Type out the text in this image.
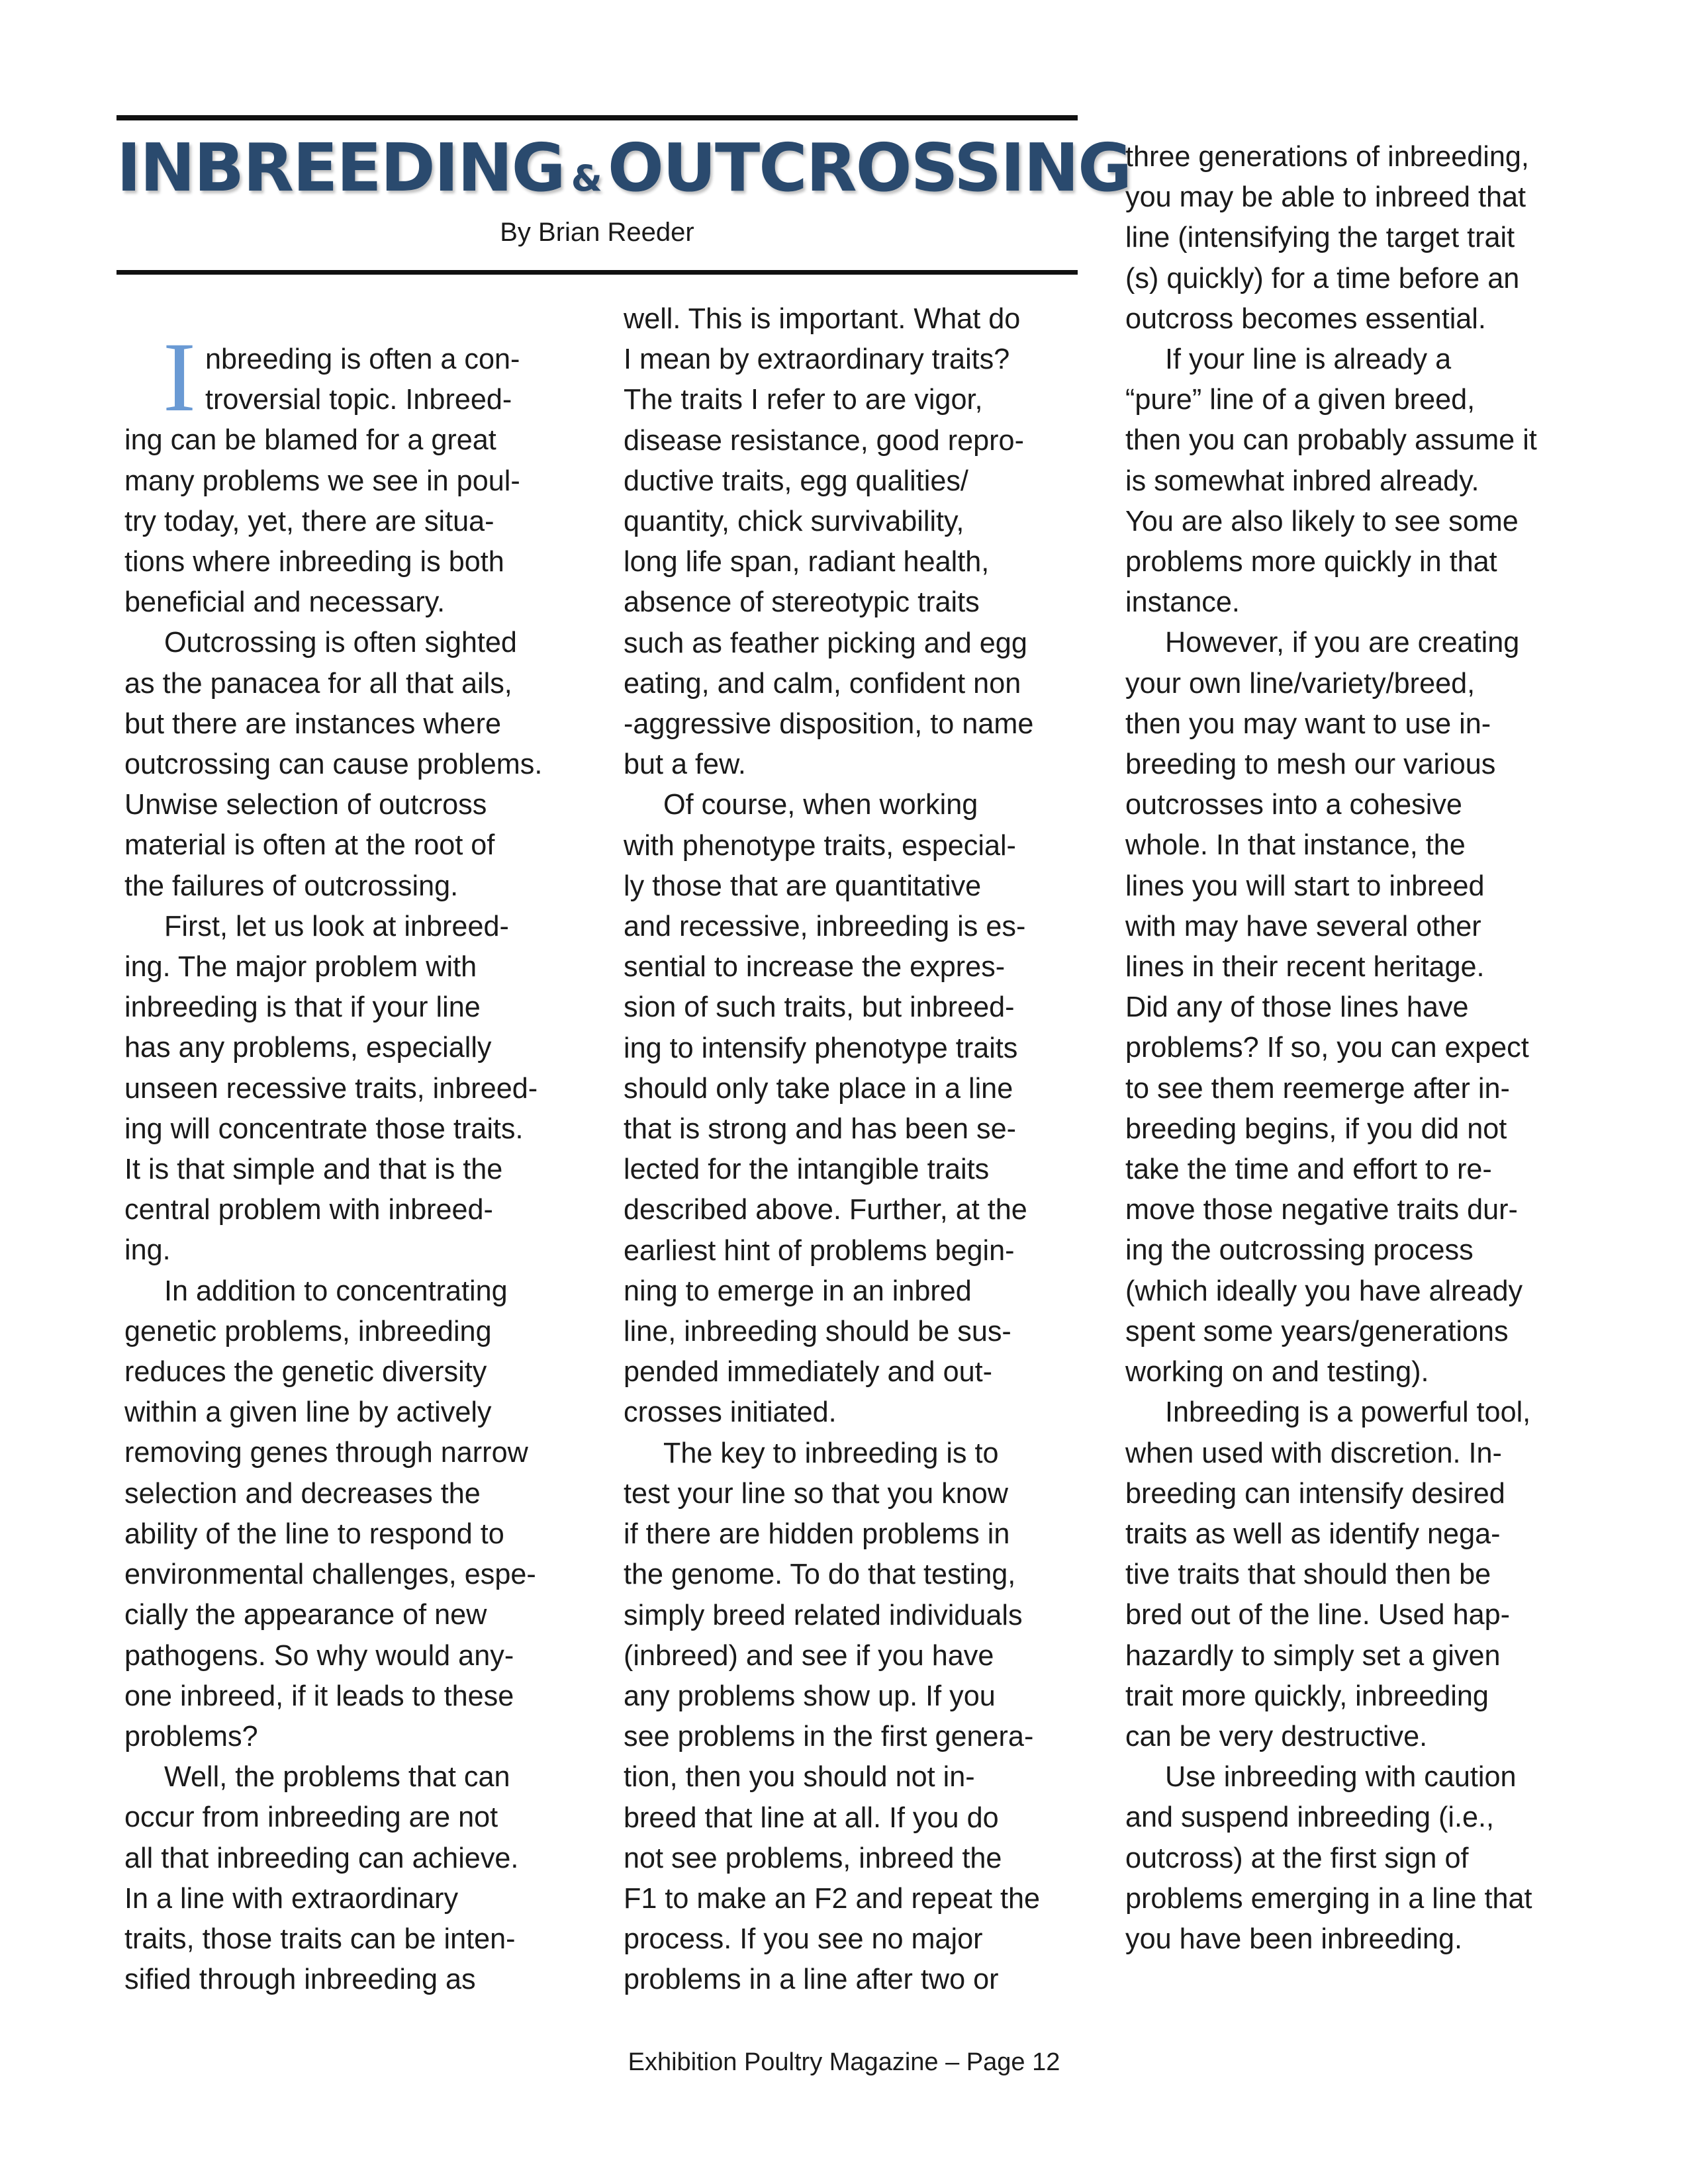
INBREEDING & OUTCROSSING
By Brian Reeder
I nbreeding is often a con-

troversial topic. Inbreed-

ing can be blamed for a great

many problems we see in poul-

try today, yet, there are situa-

tions where inbreeding is both

beneficial and necessary.

Outcrossing is often sighted

as the panacea for all that ails,

but there are instances where

outcrossing can cause problems.

Unwise selection of outcross

material is often at the root of

the failures of outcrossing.

First, let us look at inbreed-

ing. The major problem with

inbreeding is that if your line

has any problems, especially

unseen recessive traits, inbreed-

ing will concentrate those traits.

It is that simple and that is the

central problem with inbreed-

ing.

In addition to concentrating

genetic problems, inbreeding

reduces the genetic diversity

within a given line by actively

removing genes through narrow

selection and decreases the

ability of the line to respond to

environmental challenges, espe-

cially the appearance of new

pathogens. So why would any-

one inbreed, if it leads to these

problems?

Well, the problems that can

occur from inbreeding are not

all that inbreeding can achieve.

In a line with extraordinary

traits, those traits can be inten-

sified through inbreeding as

well. This is important. What do

I mean by extraordinary traits?

The traits I refer to are vigor,

disease resistance, good repro-

ductive traits, egg qualities/

quantity, chick survivability,

long life span, radiant health,

absence of stereotypic traits

such as feather picking and egg

eating, and calm, confident non

-aggressive disposition, to name

but a few.

Of course, when working

with phenotype traits, especial-

ly those that are quantitative

and recessive, inbreeding is es-

sential to increase the expres-

sion of such traits, but inbreed-

ing to intensify phenotype traits

should only take place in a line

that is strong and has been se-

lected for the intangible traits

described above. Further, at the

earliest hint of problems begin-

ning to emerge in an inbred

line, inbreeding should be sus-

pended immediately and out-

crosses initiated.

The key to inbreeding is to

test your line so that you know

if there are hidden problems in

the genome. To do that testing,

simply breed related individuals

(inbreed) and see if you have

any problems show up. If you

see problems in the first genera-

tion, then you should not in-

breed that line at all. If you do

not see problems, inbreed the

F1 to make an F2 and repeat the

process. If you see no major

problems in a line after two or

three generations of inbreeding,

you may be able to inbreed that

line (intensifying the target trait

(s) quickly) for a time before an

outcross becomes essential.

If your line is already a

“pure” line of a given breed,

then you can probably assume it

is somewhat inbred already.

You are also likely to see some

problems more quickly in that

instance.

However, if you are creating

your own line/variety/breed,

then you may want to use in-

breeding to mesh our various

outcrosses into a cohesive

whole. In that instance, the

lines you will start to inbreed

with may have several other

lines in their recent heritage.

Did any of those lines have

problems? If so, you can expect

to see them reemerge after in-

breeding begins, if you did not

take the time and effort to re-

move those negative traits dur-

ing the outcrossing process

(which ideally you have already

spent some years/generations

working on and testing).

Inbreeding is a powerful tool,

when used with discretion. In-

breeding can intensify desired

traits as well as identify nega-

tive traits that should then be

bred out of the line. Used hap-

hazardly to simply set a given

trait more quickly, inbreeding

can be very destructive.

Use inbreeding with caution

and suspend inbreeding (i.e.,

outcross) at the first sign of

problems emerging in a line that

you have been inbreeding.

Exhibition Poultry Magazine – Page 12
